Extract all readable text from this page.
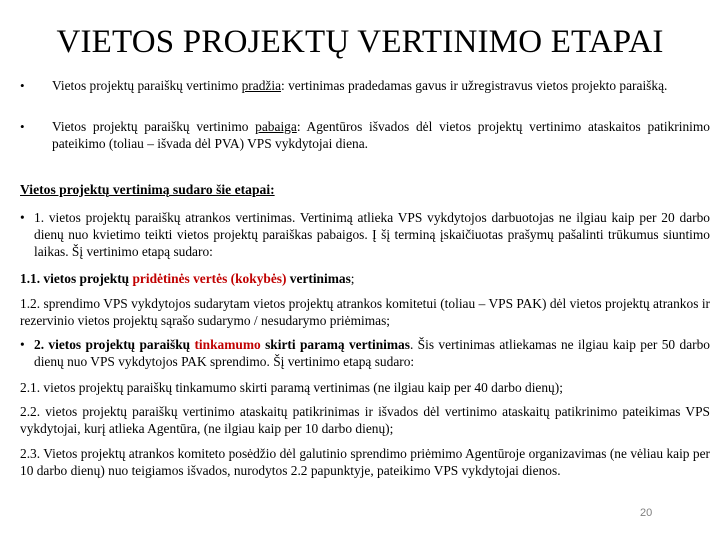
VIETOS PROJEKTŲ VERTINIMO ETAPAI
• Vietos projektų paraiškų vertinimo pradžia: vertinimas pradedamas gavus ir užregistravus vietos projekto paraišką.
• Vietos projektų paraiškų vertinimo pabaiga: Agentūros išvados dėl vietos projektų vertinimo ataskaitos patikrinimo pateikimo (toliau – išvada dėl PVA) VPS vykdytojai diena.
Vietos projektų vertinimą sudaro šie etapai:
• 1. vietos projektų paraiškų atrankos vertinimas. Vertinimą atlieka VPS vykdytojos darbuotojas ne ilgiau kaip per 20 darbo dienų nuo kvietimo teikti vietos projektų paraiškas pabaigos. Į šį terminą įskaičiuotas prašymų pašalinti trūkumus siuntimo laikas. Šį vertinimo etapą sudaro:
1.1. vietos projektų pridėtinės vertės (kokybės) vertinimas;
1.2. sprendimo VPS vykdytojos sudarytam vietos projektų atrankos komitetui (toliau – VPS PAK) dėl vietos projektų atrankos ir rezervinio vietos projektų sąrašo sudarymo / nesudarymo priėmimas;
• 2. vietos projektų paraiškų tinkamumo skirti paramą vertinimas. Šis vertinimas atliekamas ne ilgiau kaip per 50 darbo dienų nuo VPS vykdytojos PAK sprendimo. Šį vertinimo etapą sudaro:
2.1. vietos projektų paraiškų tinkamumo skirti paramą vertinimas (ne ilgiau kaip per 40 darbo dienų);
2.2. vietos projektų paraiškų vertinimo ataskaitų patikrinimas ir išvados dėl vertinimo ataskaitų patikrinimo pateikimas VPS vykdytojai, kurį atlieka Agentūra, (ne ilgiau kaip per 10 darbo dienų);
2.3. Vietos projektų atrankos komiteto posėdžio dėl galutinio sprendimo priėmimo Agentūroje organizavimas (ne vėliau kaip per 10 darbo dienų) nuo teigiamos išvados, nurodytos 2.2 papunktyje, pateikimo VPS vykdytojai dienos.
20
